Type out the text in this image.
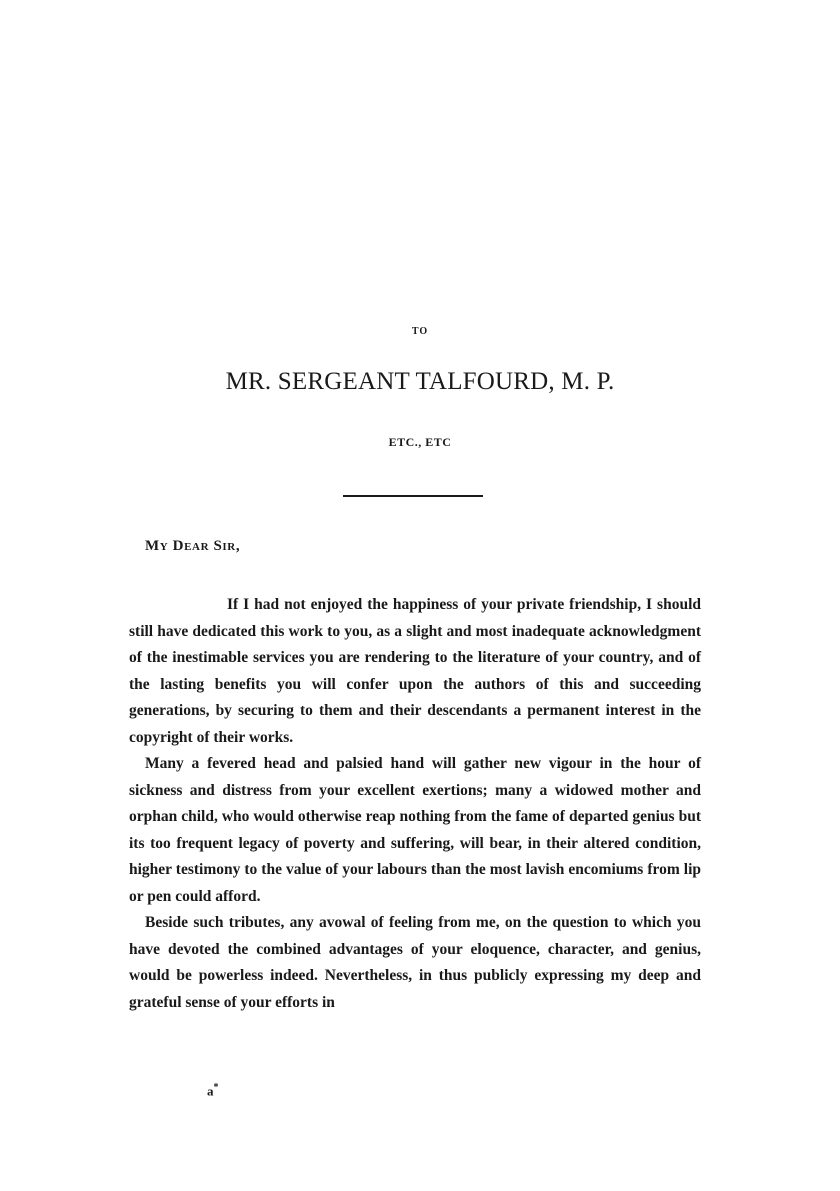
TO
MR. SERGEANT TALFOURD, M. P.
ETC., ETC
My Dear Sir,

If I had not enjoyed the happiness of your private friendship, I should still have dedicated this work to you, as a slight and most inadequate acknowledgment of the inestimable services you are rendering to the literature of your country, and of the lasting benefits you will confer upon the authors of this and succeeding generations, by securing to them and their descendants a permanent interest in the copyright of their works.

Many a fevered head and palsied hand will gather new vigour in the hour of sickness and distress from your excellent exertions; many a widowed mother and orphan child, who would otherwise reap nothing from the fame of departed genius but its too frequent legacy of poverty and suffering, will bear, in their altered condition, higher testimony to the value of your labours than the most lavish encomiums from lip or pen could afford.

Beside such tributes, any avowal of feeling from me, on the question to which you have devoted the combined advantages of your eloquence, character, and genius, would be powerless indeed. Nevertheless, in thus publicly expressing my deep and grateful sense of your efforts in

a*
